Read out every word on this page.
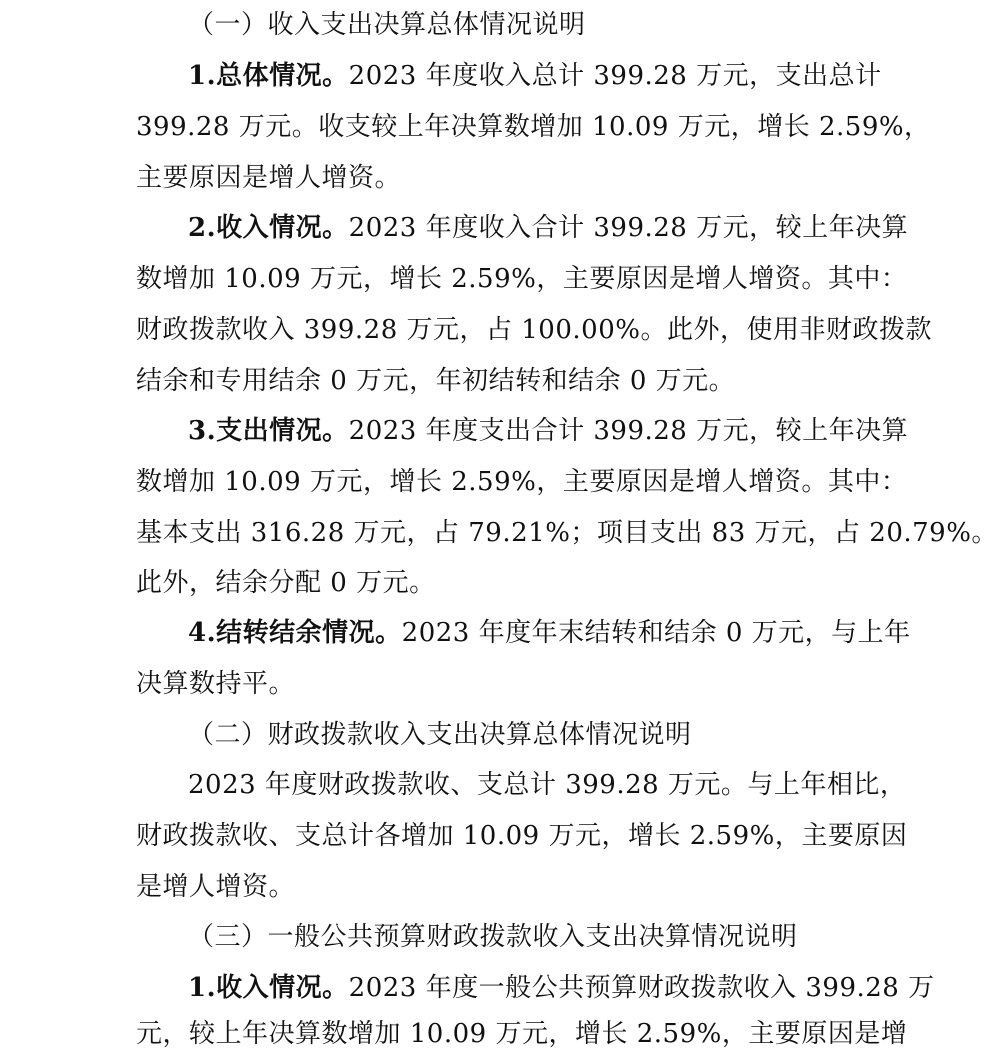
（一）收入支出决算总体情况说明
1.总体情况。2023 年度收入总计 399.28 万元，支出总计
399.28 万元。收支较上年决算数增加 10.09 万元，增长 2.59%，
主要原因是增人增资。
2.收入情况。2023 年度收入合计 399.28 万元，较上年决算
数增加 10.09 万元，增长 2.59%，主要原因是增人增资。其中：
财政拨款收入 399.28 万元，占 100.00%。此外，使用非财政拨款
结余和专用结余 0 万元，年初结转和结余 0 万元。
3.支出情况。2023 年度支出合计 399.28 万元，较上年决算
数增加 10.09 万元，增长 2.59%，主要原因是增人增资。其中：
基本支出 316.28 万元，占 79.21%；项目支出 83 万元，占 20.79%。
此外，结余分配 0 万元。
4.结转结余情况。2023 年度年末结转和结余 0 万元，与上年
决算数持平。
（二）财政拨款收入支出决算总体情况说明
2023 年度财政拨款收、支总计 399.28 万元。与上年相比，
财政拨款收、支总计各增加 10.09 万元，增长 2.59%，主要原因
是增人增资。
（三）一般公共预算财政拨款收入支出决算情况说明
1.收入情况。2023 年度一般公共预算财政拨款收入 399.28 万
元，较上年决算数增加 10.09 万元，增长 2.59%，主要原因是增
